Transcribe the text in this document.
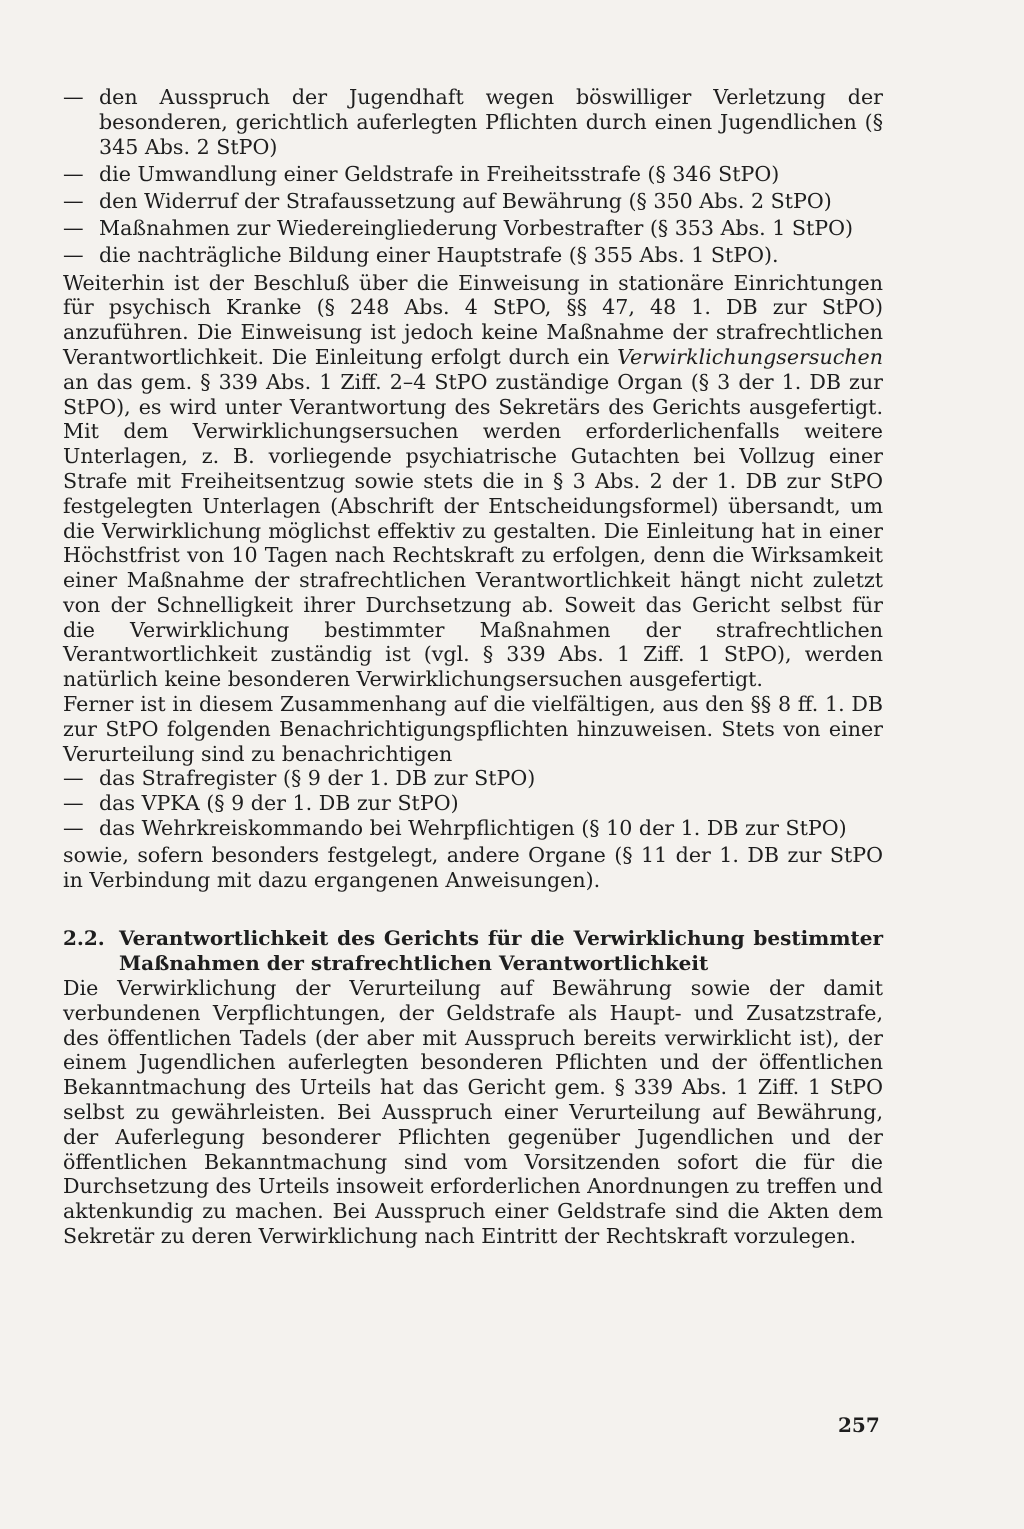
— den Ausspruch der Jugendhaft wegen böswilliger Verletzung der besonderen, gerichtlich auferlegten Pflichten durch einen Jugendlichen (§ 345 Abs. 2 StPO)
— die Umwandlung einer Geldstrafe in Freiheitsstrafe (§ 346 StPO)
— den Widerruf der Strafaussetzung auf Bewährung (§ 350 Abs. 2 StPO)
— Maßnahmen zur Wiedereingliederung Vorbestrafter (§ 353 Abs. 1 StPO)
— die nachträgliche Bildung einer Hauptstrafe (§ 355 Abs. 1 StPO).

Weiterhin ist der Beschluß über die Einweisung in stationäre Einrichtungen für psychisch Kranke (§ 248 Abs. 4 StPO, §§ 47, 48 1. DB zur StPO) anzuführen. Die Einweisung ist jedoch keine Maßnahme der strafrechtlichen Verantwortlichkeit. Die Einleitung erfolgt durch ein Verwirklichungsersuchen an das gem. § 339 Abs. 1 Ziff. 2–4 StPO zuständige Organ (§ 3 der 1. DB zur StPO), es wird unter Verantwortung des Sekretärs des Gerichts ausgefertigt. Mit dem Verwirklichungsersuchen werden erforderlichenfalls weitere Unterlagen, z. B. vorliegende psychiatrische Gutachten bei Vollzug einer Strafe mit Freiheitsentzug sowie stets die in § 3 Abs. 2 der 1. DB zur StPO festgelegten Unterlagen (Abschrift der Entscheidungsformel) übersandt, um die Verwirklichung möglichst effektiv zu gestalten. Die Einleitung hat in einer Höchstfrist von 10 Tagen nach Rechtskraft zu erfolgen, denn die Wirksamkeit einer Maßnahme der strafrechtlichen Verantwortlichkeit hängt nicht zuletzt von der Schnelligkeit ihrer Durchsetzung ab. Soweit das Gericht selbst für die Verwirklichung bestimmter Maßnahmen der strafrechtlichen Verantwortlichkeit zuständig ist (vgl. § 339 Abs. 1 Ziff. 1 StPO), werden natürlich keine besonderen Verwirklichungsersuchen ausgefertigt.

Ferner ist in diesem Zusammenhang auf die vielfältigen, aus den §§ 8 ff. 1. DB zur StPO folgenden Benachrichtigungspflichten hinzuweisen. Stets von einer Verurteilung sind zu benachrichtigen

— das Strafregister (§ 9 der 1. DB zur StPO)
— das VPKA (§ 9 der 1. DB zur StPO)
— das Wehrkreiskommando bei Wehrpflichtigen (§ 10 der 1. DB zur StPO)

sowie, sofern besonders festgelegt, andere Organe (§ 11 der 1. DB zur StPO in Verbindung mit dazu ergangenen Anweisungen).

2.2. Verantwortlichkeit des Gerichts für die Verwirklichung bestimmter Maßnahmen der strafrechtlichen Verantwortlichkeit

Die Verwirklichung der Verurteilung auf Bewährung sowie der damit verbundenen Verpflichtungen, der Geldstrafe als Haupt- und Zusatzstrafe, des öffentlichen Tadels (der aber mit Ausspruch bereits verwirklicht ist), der einem Jugendlichen auferlegten besonderen Pflichten und der öffentlichen Bekanntmachung des Urteils hat das Gericht gem. § 339 Abs. 1 Ziff. 1 StPO selbst zu gewährleisten. Bei Ausspruch einer Verurteilung auf Bewährung, der Auferlegung besonderer Pflichten gegenüber Jugendlichen und der öffentlichen Bekanntmachung sind vom Vorsitzenden sofort die für die Durchsetzung des Urteils insoweit erforderlichen Anordnungen zu treffen und aktenkundig zu machen. Bei Ausspruch einer Geldstrafe sind die Akten dem Sekretär zu deren Verwirklichung nach Eintritt der Rechtskraft vorzulegen.

257
